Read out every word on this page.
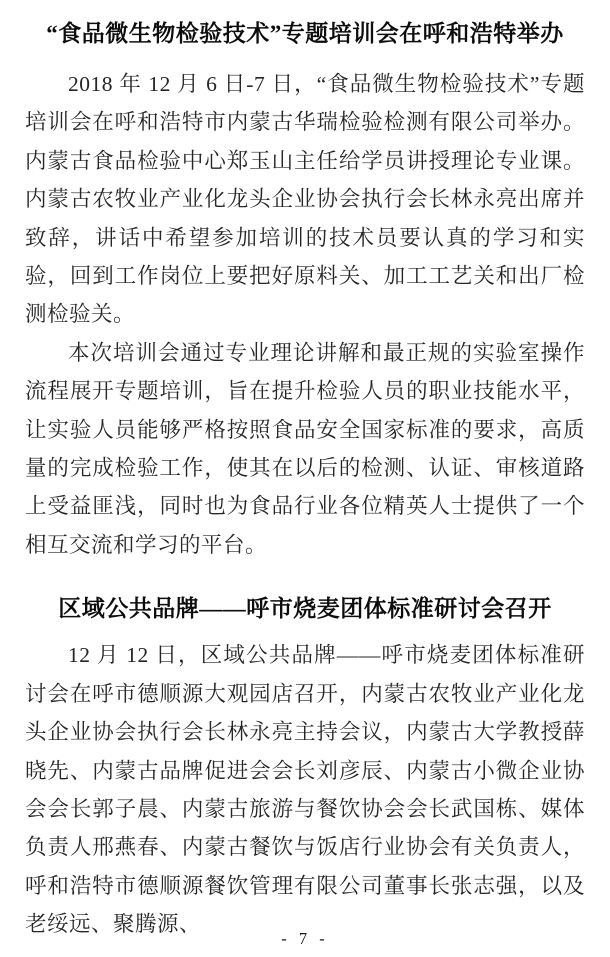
“食品微生物检验技术”专题培训会在呼和浩特举办

2018 年 12 月 6 日-7 日，“食品微生物检验技术”专题培训会在呼和浩特市内蒙古华瑞检验检测有限公司举办。内蒙古食品检验中心郑玉山主任给学员讲授理论专业课。内蒙古农牧业产业化龙头企业协会执行会长林永亮出席并致辞，讲话中希望参加培训的技术员要认真的学习和实验，回到工作岗位上要把好原料关、加工工艺关和出厂检测检验关。

本次培训会通过专业理论讲解和最正规的实验室操作流程展开专题培训，旨在提升检验人员的职业技能水平，让实验人员能够严格按照食品安全国家标准的要求，高质量的完成检验工作，使其在以后的检测、认证、审核道路上受益匪浅，同时也为食品行业各位精英人士提供了一个相互交流和学习的平台。

区域公共品牌——呼市烧麦团体标准研讨会召开

12 月 12 日，区域公共品牌——呼市烧麦团体标准研讨会在呼市德顺源大观园店召开，内蒙古农牧业产业化龙头企业协会执行会长林永亮主持会议，内蒙古大学教授薛晓先、内蒙古品牌促进会会长刘彦辰、内蒙古小微企业协会会长郭子晨、内蒙古旅游与餐饮协会会长武国栋、媒体负责人邢燕春、内蒙古餐饮与饭店行业协会有关负责人，呼和浩特市德顺源餐饮管理有限公司董事长张志强，以及老绥远、聚腾源、

- 7 -
